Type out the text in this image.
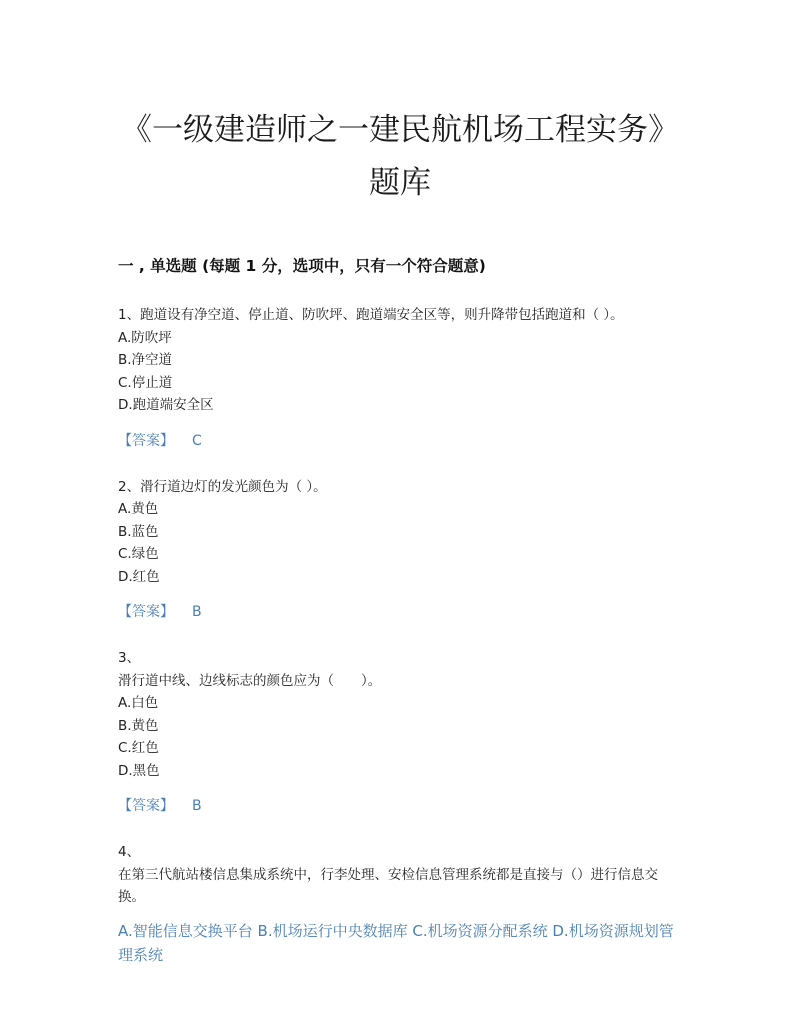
《一级建造师之一建民航机场工程实务》题库
一 , 单选题 (每题 1 分，选项中，只有一个符合题意)
1、跑道设有净空道、停止道、防吹坪、跑道端安全区等，则升降带包括跑道和（ ）。
A.防吹坪
B.净空道
C.停止道
D.跑道端安全区
【答案】 C
2、滑行道边灯的发光颜色为（ ）。
A.黄色
B.蓝色
C.绿色
D.红色
【答案】 B
3、
滑行道中线、边线标志的颜色应为（　　）。
A.白色
B.黄色
C.红色
D.黑色
【答案】 B
4、
在第三代航站楼信息集成系统中，行李处理、安检信息管理系统都是直接与（）进行信息交换。
A.智能信息交换平台 B.机场运行中央数据库 C.机场资源分配系统 D.机场资源规划管理系统
